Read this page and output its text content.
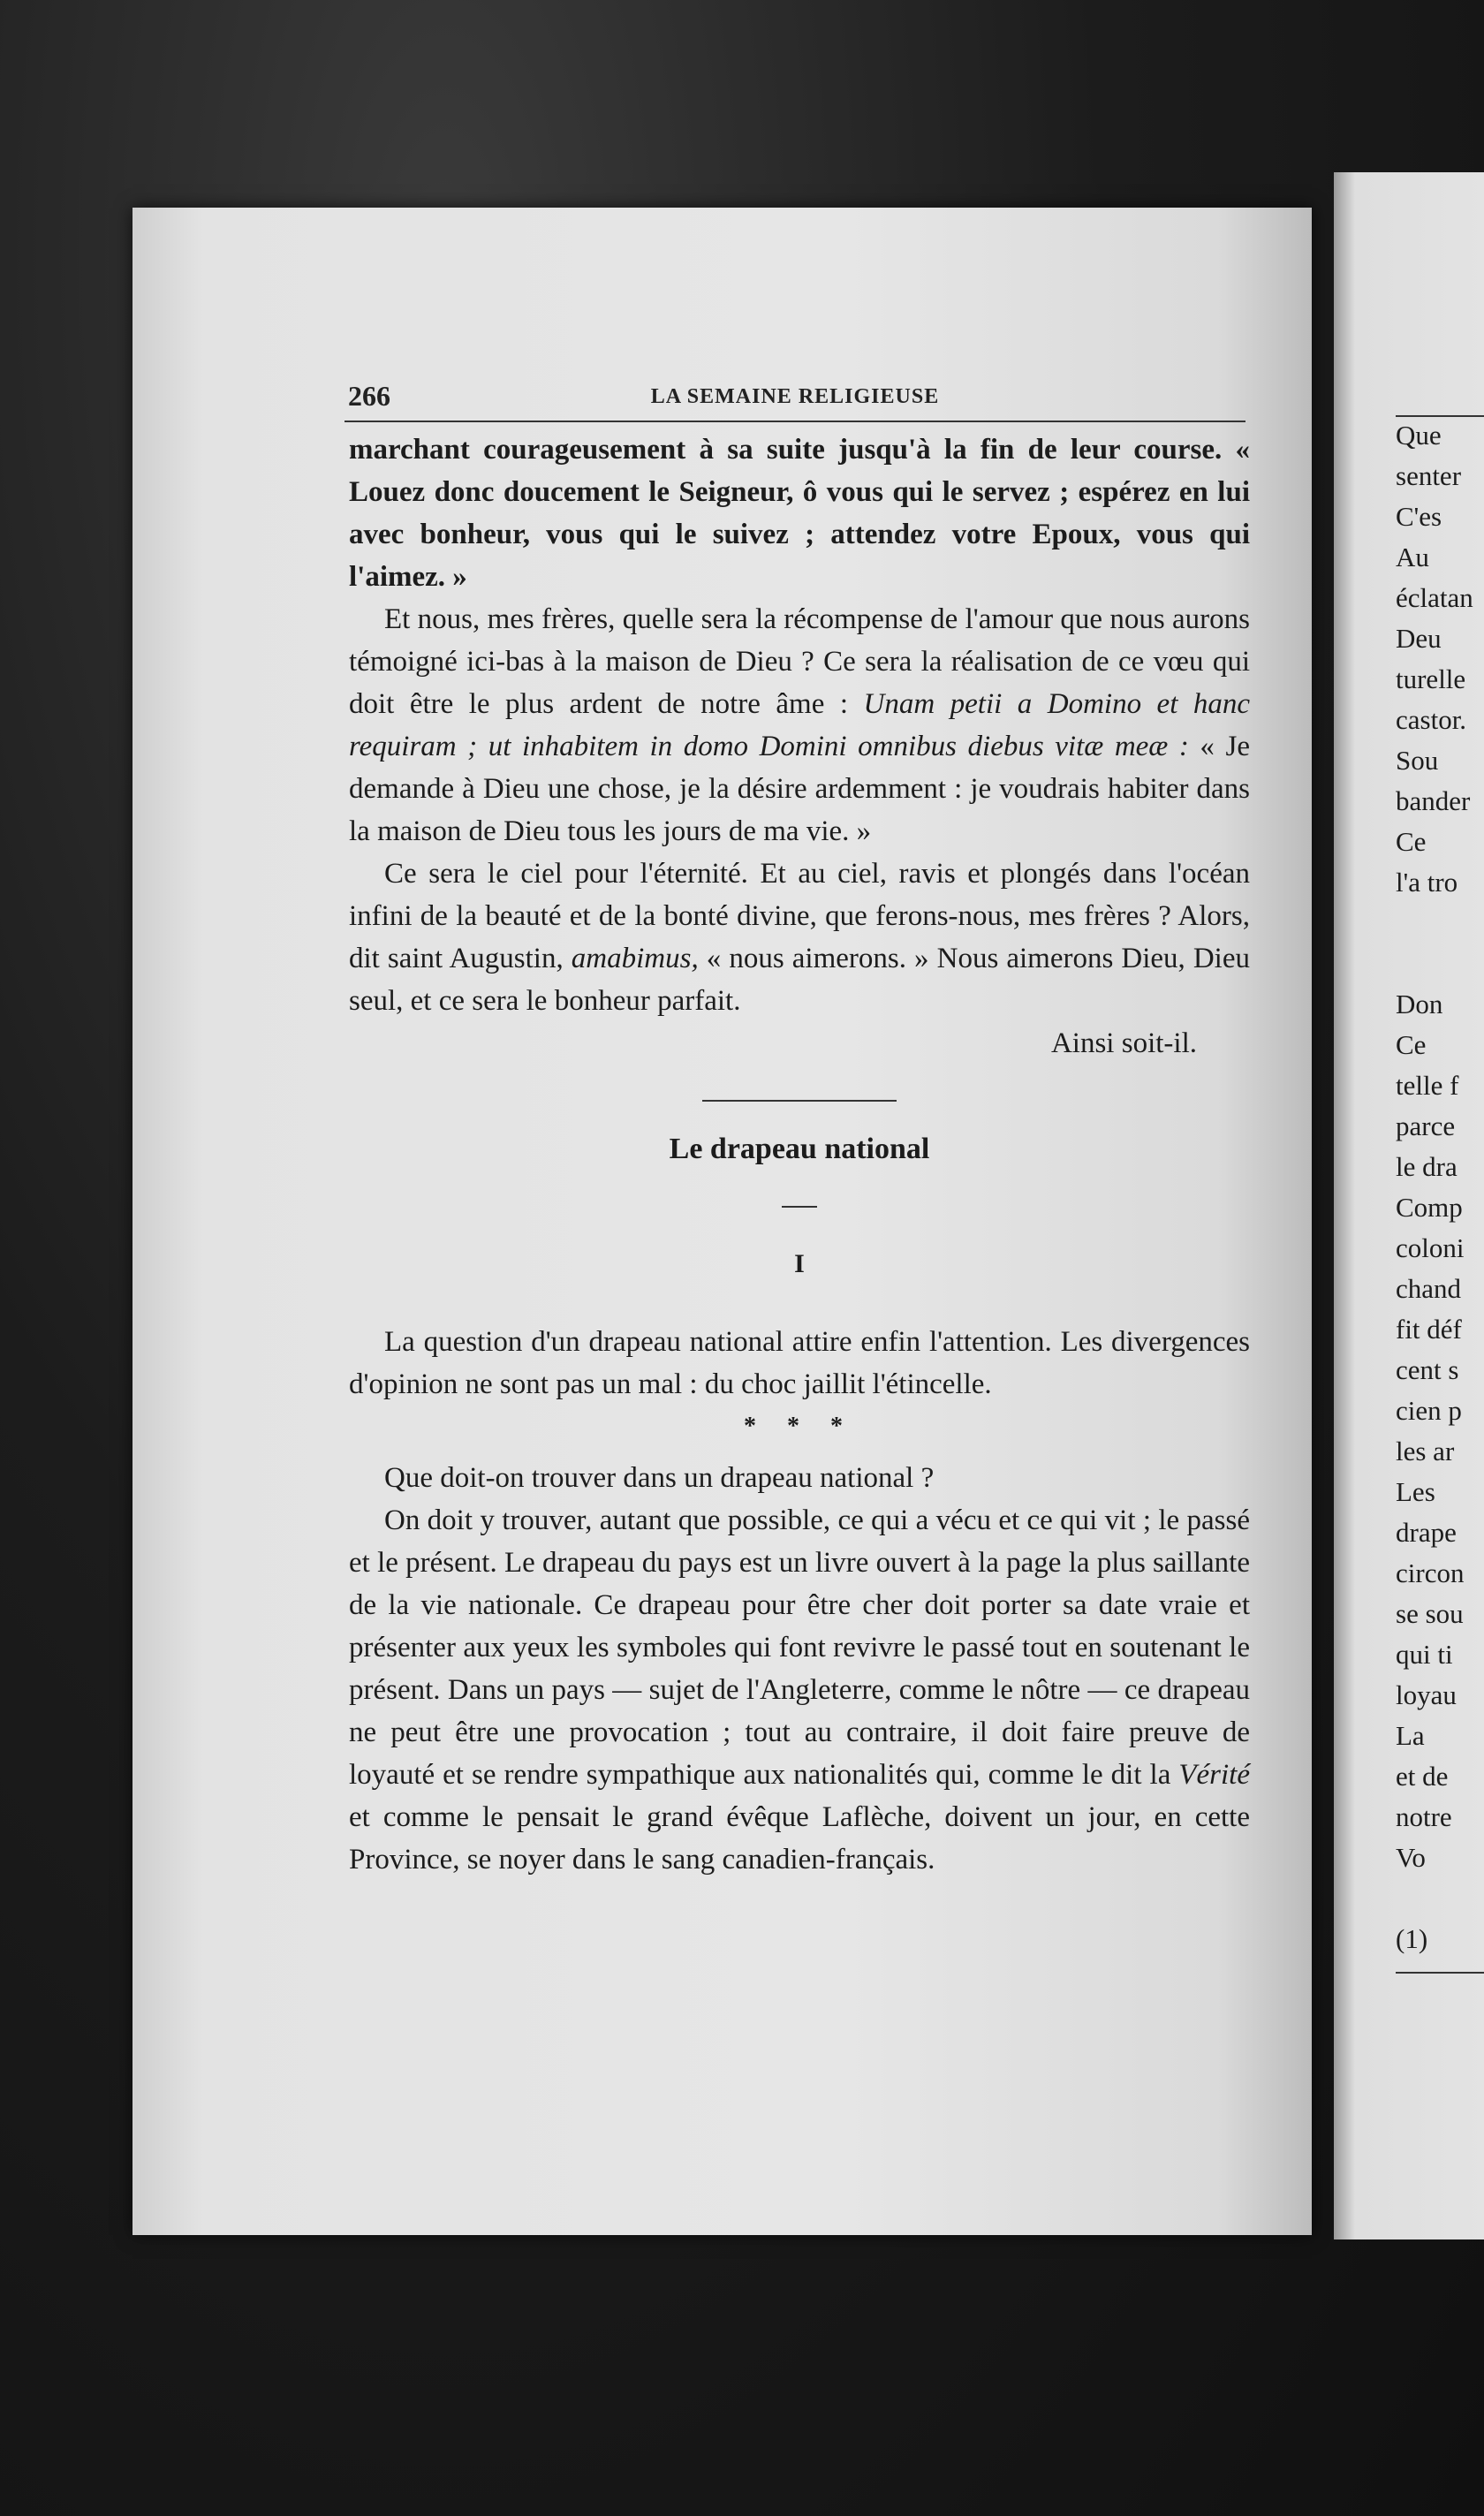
266	LA SEMAINE RELIGIEUSE

marchant courageusement à sa suite jusqu'à la fin de leur course. « Louez donc doucement le Seigneur, ô vous qui le servez ; espérez en lui avec bonheur, vous qui le suivez ; attendez votre Epoux, vous qui l'aimez. »

Et nous, mes frères, quelle sera la récompense de l'amour que nous aurons témoigné ici-bas à la maison de Dieu ? Ce sera la réalisation de ce vœu qui doit être le plus ardent de notre âme : Unam petii a Domino et hanc requiram ; ut inhabitem in domo Domini omnibus diebus vitæ meæ : « Je demande à Dieu une chose, je la désire ardemment : je voudrais habiter dans la maison de Dieu tous les jours de ma vie. »

Ce sera le ciel pour l'éternité. Et au ciel, ravis et plongés dans l'océan infini de la beauté et de la bonté divine, que ferons-nous, mes frères ? Alors, dit saint Augustin, amabimus, « nous aimerons. » Nous aimerons Dieu, Dieu seul, et ce sera le bonheur parfait.

Ainsi soit-il.

Le drapeau national
I

La question d'un drapeau national attire enfin l'attention. Les divergences d'opinion ne sont pas un mal : du choc jaillit l'étincelle.

* * *

Que doit-on trouver dans un drapeau national ?

On doit y trouver, autant que possible, ce qui a vécu et ce qui vit ; le passé et le présent. Le drapeau du pays est un livre ouvert à la page la plus saillante de la vie nationale. Ce drapeau pour être cher doit porter sa date vraie et présenter aux yeux les symboles qui font revivre le passé tout en soutenant le présent. Dans un pays — sujet de l'Angleterre, comme le nôtre — ce drapeau ne peut être une provocation ; tout au contraire, il doit faire preuve de loyauté et se rendre sympathique aux nationalités qui, comme le dit la Vérité et comme le pensait le grand évêque Laflèche, doivent un jour, en cette Province, se noyer dans le sang canadien-français.

Que
senter
C'es
Au
éclatan
Deu
turelle
castor.
Sou
bander
Ce
l'a tro
Don
Ce
telle f
parce
le dra
Comp
coloni
chand
fit déf
cent s
cien p
les ar
Les
drape
circon
se sou
qui ti
loyau
La
et de
notre
Vo
(1)
